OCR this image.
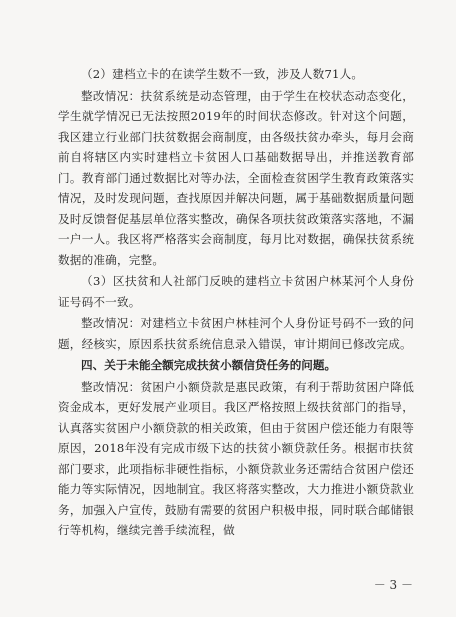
（2）建档立卡的在读学生数不一致，涉及人数71人。

整改情况：扶贫系统是动态管理，由于学生在校状态动态变化，学生就学情况已无法按照2019年的时间状态修改。针对这个问题，我区建立行业部门扶贫数据会商制度，由各级扶贫办牵头，每月会商前自将辖区内实时建档立卡贫困人口基础数据导出，并推送教育部门。教育部门通过数据比对等办法，全面检查贫困学生教育政策落实情况，及时发现问题，查找原因并解决问题，属于基础数据质量问题及时反馈督促基层单位落实整改，确保各项扶贫政策落实落地，不漏一户一人。我区将严格落实会商制度，每月比对数据，确保扶贫系统数据的准确，完整。

（3）区扶贫和人社部门反映的建档立卡贫困户林某河个人身份证号码不一致。

整改情况：对建档立卡贫困户林桂河个人身份证号码不一致的问题，经核实，原因系扶贫系统信息录入错误，审计期间已修改完成。

四、关于未能全额完成扶贫小额信贷任务的问题。

整改情况：贫困户小额贷款是惠民政策，有利于帮助贫困户降低资金成本，更好发展产业项目。我区严格按照上级扶贫部门的指导，认真落实贫困户小额贷款的相关政策，但由于贫困户偿还能力有限等原因，2018年没有完成市级下达的扶贫小额贷款任务。根据市扶贫部门要求，此项指标非硬性指标，小额贷款业务还需结合贫困户偿还能力等实际情况，因地制宜。我区将落实整改，大力推进小额贷款业务，加强入户宣传，鼓励有需要的贫困户积极申报，同时联合邮储银行等机构，继续完善手续流程，做

－ 3 －
